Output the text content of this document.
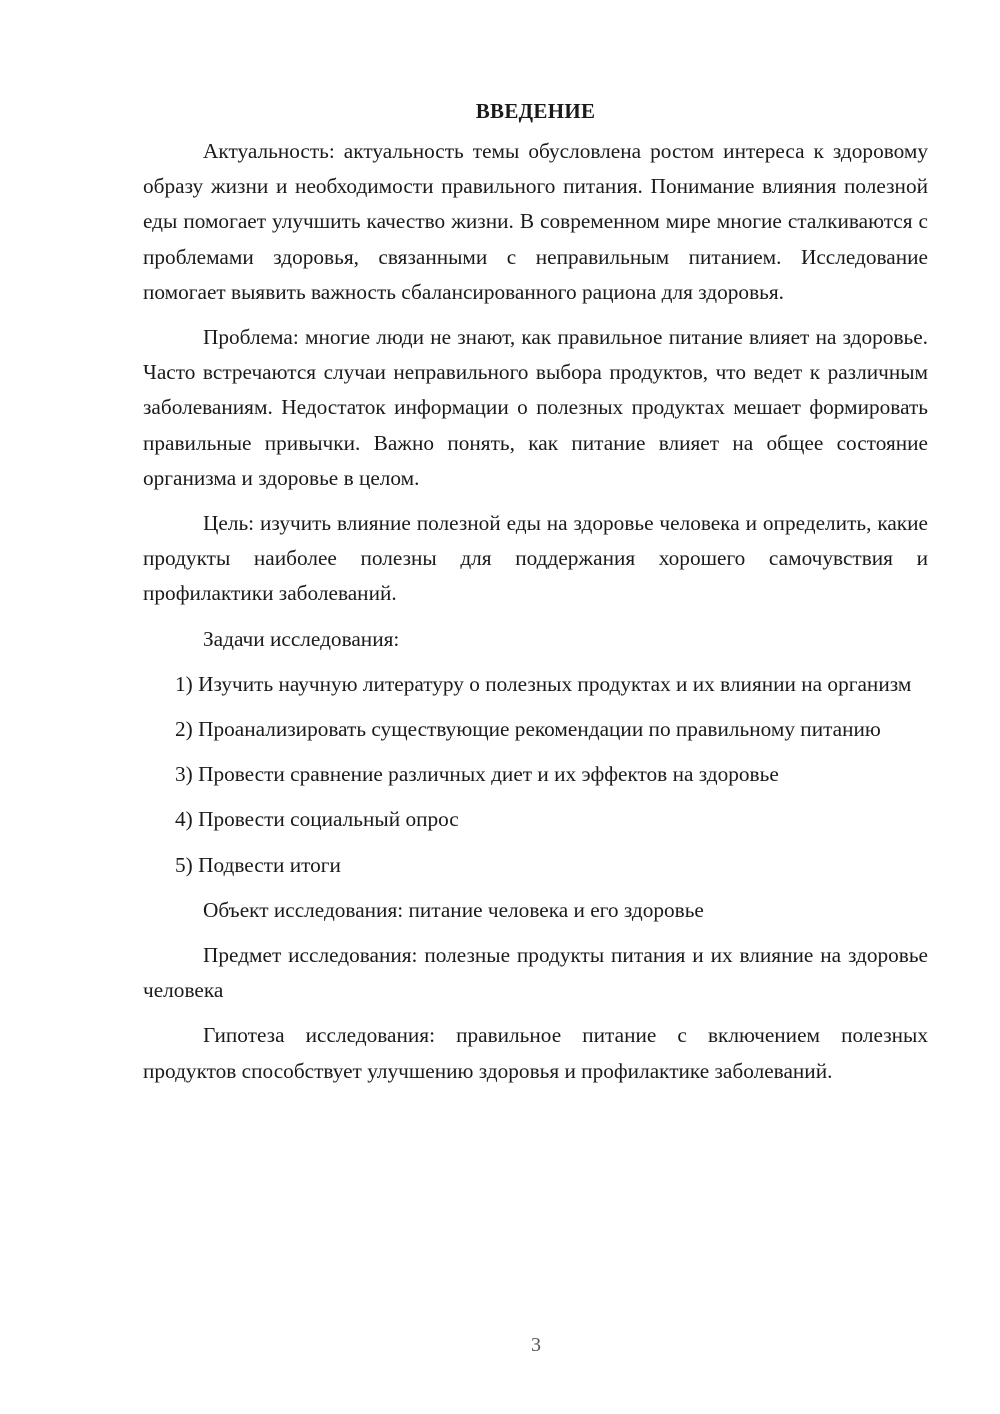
ВВЕДЕНИЕ

Актуальность: актуальность темы обусловлена ростом интереса к здоровому образу жизни и необходимости правильного питания. Понимание влияния полезной еды помогает улучшить качество жизни. В современном мире многие сталкиваются с проблемами здоровья, связанными с неправильным питанием. Исследование помогает выявить важность сбалансированного рациона для здоровья.

Проблема: многие люди не знают, как правильное питание влияет на здоровье. Часто встречаются случаи неправильного выбора продуктов, что ведет к различным заболеваниям. Недостаток информации о полезных продуктах мешает формировать правильные привычки. Важно понять, как питание влияет на общее состояние организма и здоровье в целом.

Цель: изучить влияние полезной еды на здоровье человека и определить, какие продукты наиболее полезны для поддержания хорошего самочувствия и профилактики заболеваний.

Задачи исследования:

1) Изучить научную литературу о полезных продуктах и их влиянии на организм

2) Проанализировать существующие рекомендации по правильному питанию

3) Провести сравнение различных диет и их эффектов на здоровье

4) Провести социальный опрос

5) Подвести итоги

Объект исследования: питание человека и его здоровье

Предмет исследования: полезные продукты питания и их влияние на здоровье человека

Гипотеза исследования: правильное питание с включением полезных продуктов способствует улучшению здоровья и профилактике заболеваний.

3
